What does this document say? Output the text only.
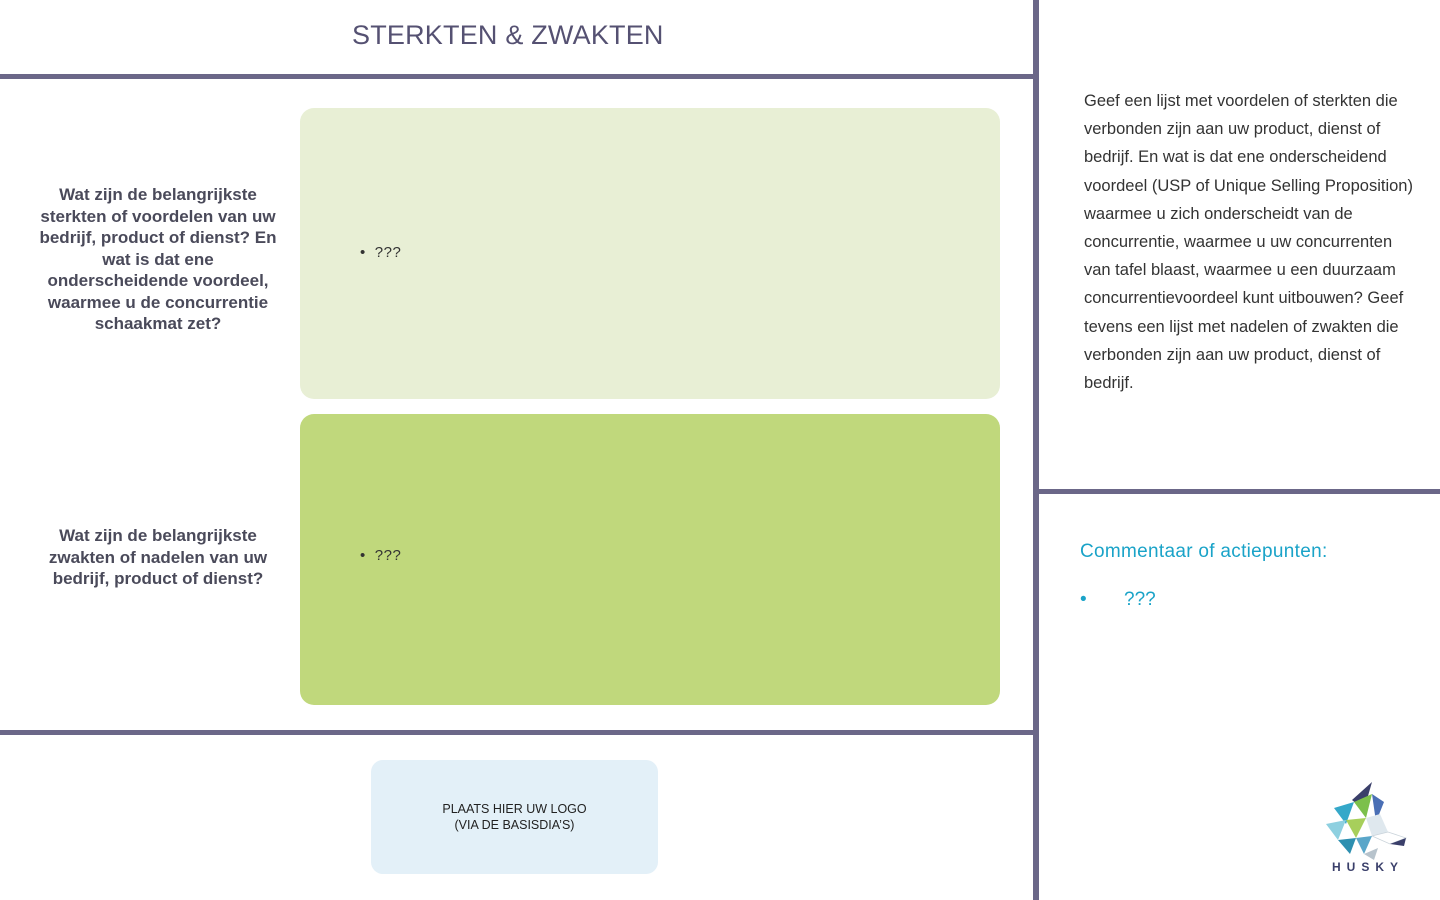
STERKTEN & ZWAKTEN
Wat zijn de belangrijkste sterkten of voordelen van uw bedrijf, product of dienst? En wat is dat ene onderscheidende voordeel, waarmee u de concurrentie schaakmat zet?
Wat zijn de belangrijkste zwakten of nadelen van uw bedrijf, product of dienst?
• ???
• ???
Geef een lijst met voordelen of sterkten die verbonden zijn aan uw product, dienst of bedrijf. En wat is dat ene onderscheidend voordeel (USP of Unique Selling Proposition) waarmee u zich onderscheidt van de concurrentie, waarmee u uw concurrenten van tafel blaast, waarmee u een duurzaam concurrentievoordeel kunt uitbouwen? Geef tevens een lijst met nadelen of zwakten die verbonden zijn aan uw product, dienst of bedrijf.
Commentaar of actiepunten:
•	???
PLAATS HIER UW LOGO
(VIA DE BASISDIA’S)
HUSKY
